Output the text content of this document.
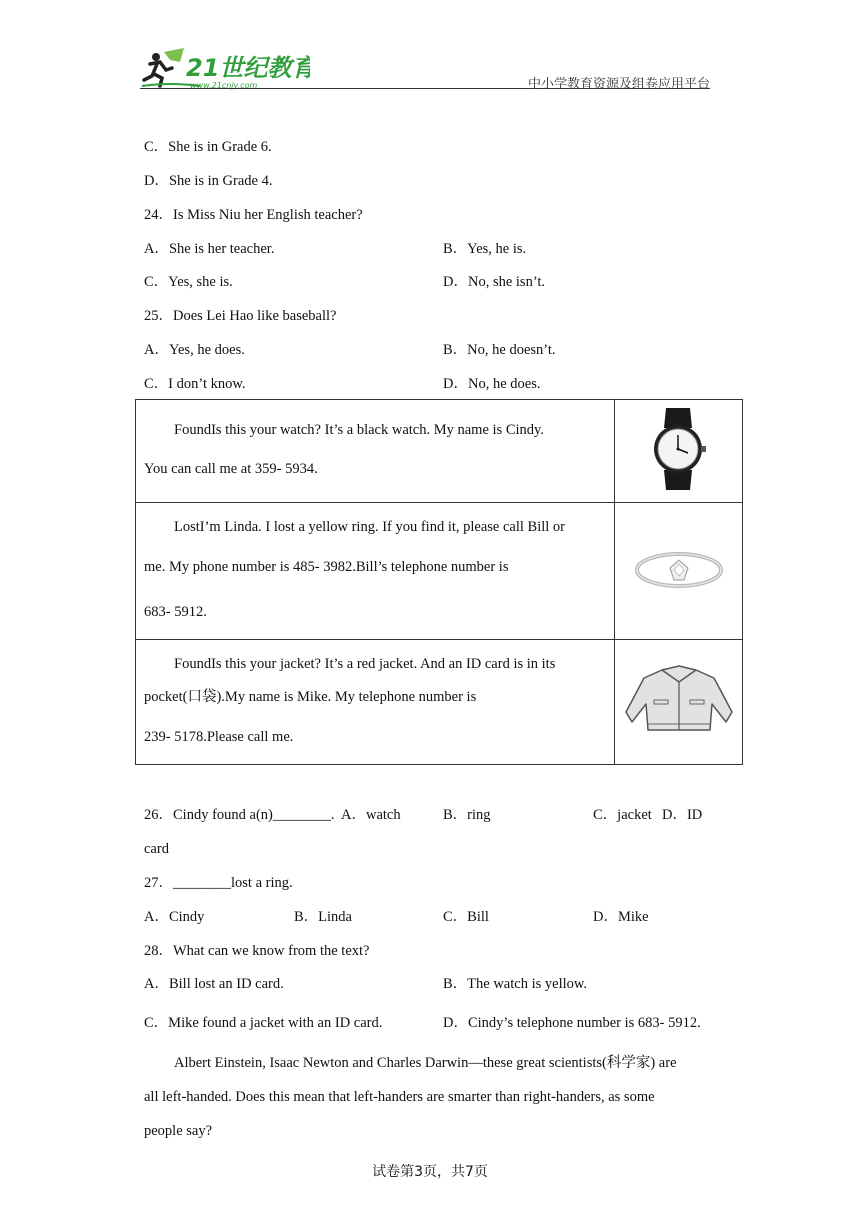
21世纪教育
www.21cnjy.com	中小学教育资源及组卷应用平台
C．She is in Grade 6.
D．She is in Grade 4.
24．Is Miss Niu her English teacher?
A．She is her teacher.	B．Yes, he is.
C．Yes, she is.	D．No, she isn’t.
25．Does Lei Hao like baseball?
A．Yes, he does.	B．No, he doesn’t.
C．I don’t know.	D．No, he does.
FoundIs this your watch? It’s a black watch. My name is Cindy.
You can call me at 359‐ 5934.

LostI’m Linda. I lost a yellow ring. If you find it, please call Bill or
me. My phone number is 485‐ 3982.Bill’s telephone number is
683‐ 5912.

FoundIs this your jacket? It’s a red jacket. And an ID card is in its
pocket(口袋).My name is Mike. My telephone number is
239‐ 5178.Please call me.

26．Cindy found a(n)________. A．watch	B．ring	C．jacket D．ID
card
27．________lost a ring.
A．Cindy	B．Linda	C．Bill	D．Mike
28．What can we know from the text?
A．Bill lost an ID card.	B．The watch is yellow.
C．Mike found a jacket with an ID card.	D．Cindy’s telephone number is 683‐ 5912.
Albert Einstein, Isaac Newton and Charles Darwin—these great scientists(科学家) are
all left-handed. Does this mean that left-handers are smarter than right-handers, as some
people say?
试卷第3页，共7页
